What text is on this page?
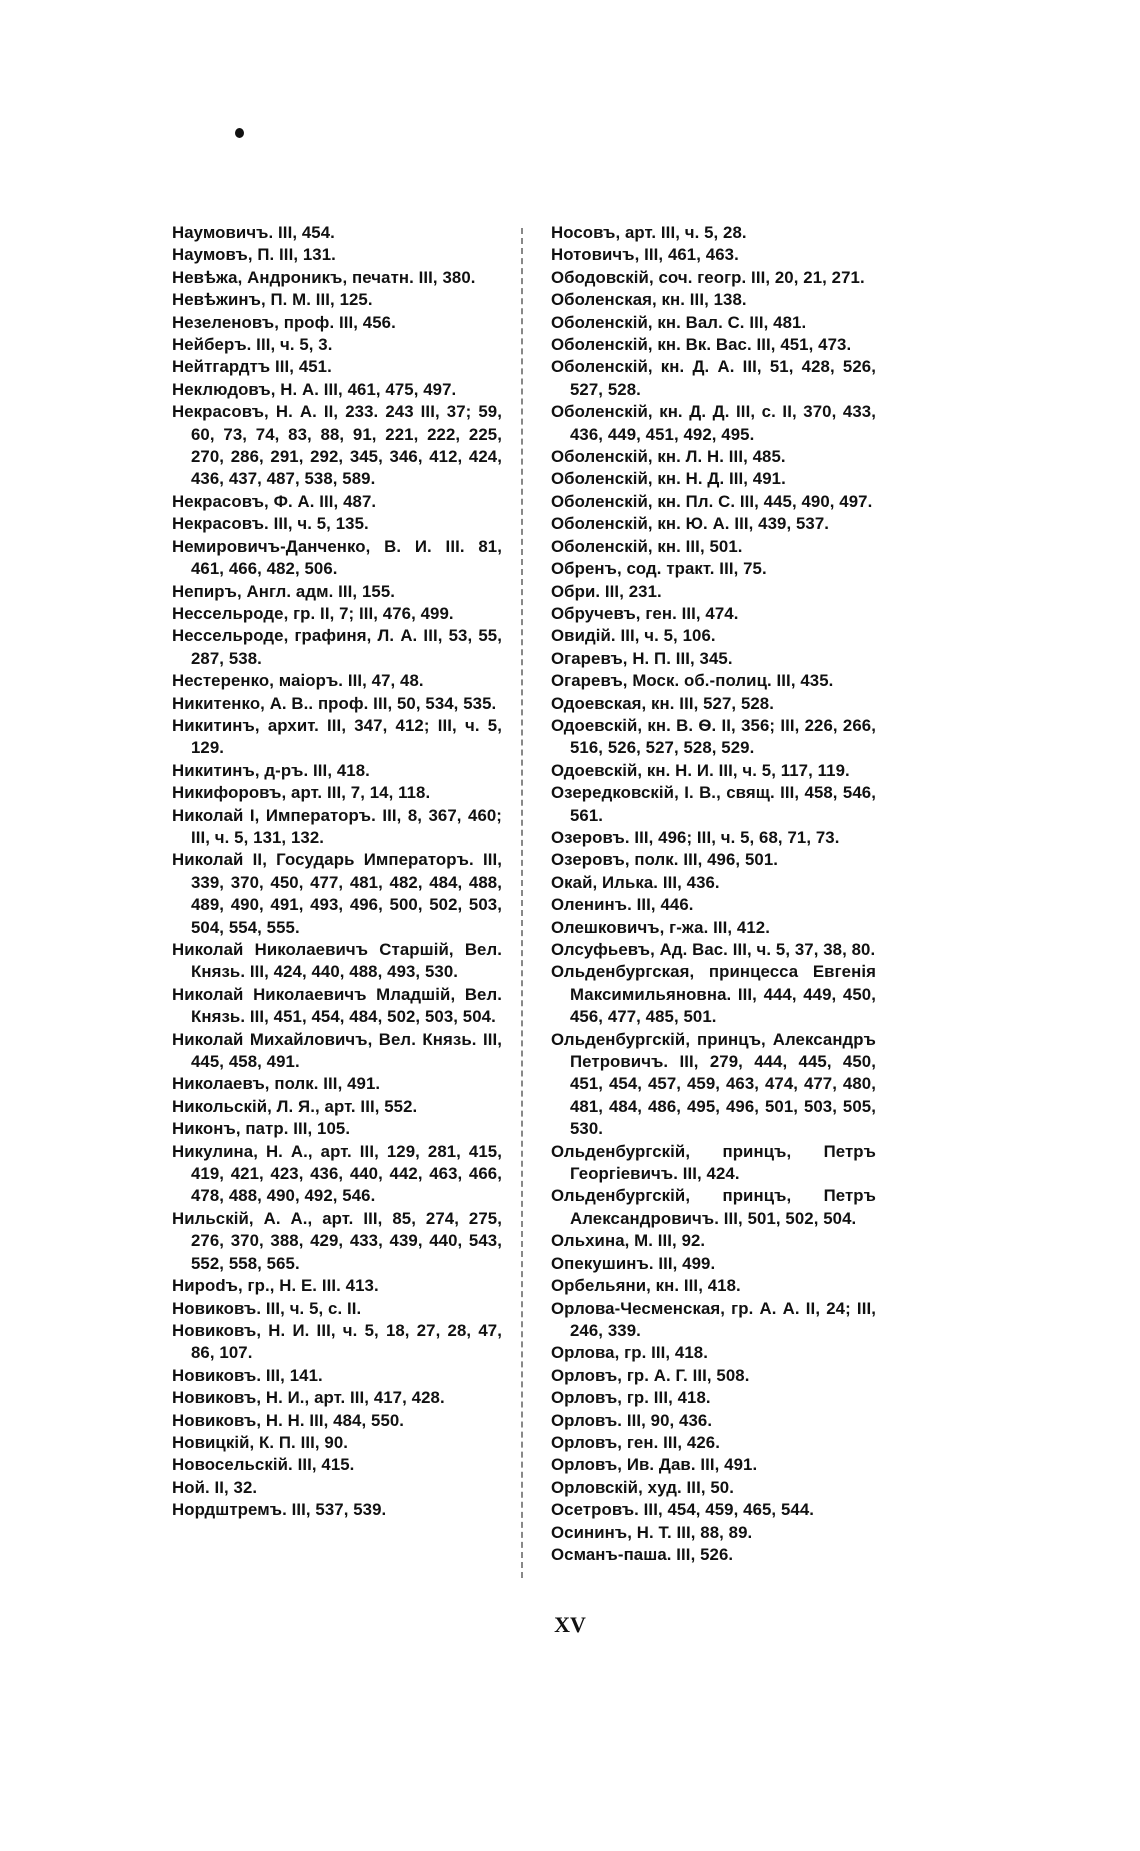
Наумовичъ. III, 454.

Наумовъ, П. III, 131.

Невѣжа, Андроникъ, печатн. III, 380.

Невѣжинъ, П. М. III, 125.

Незеленовъ, проф. III, 456.

Нейберъ. III, ч. 5, 3.

Нейтгардтъ III, 451.

Неклюдовъ, Н. А. III, 461, 475, 497.

Некрасовъ, Н. А. II, 233. 243 III, 37; 59, 60, 73, 74, 83, 88, 91, 221, 222, 225, 270, 286, 291, 292, 345, 346, 412, 424, 436, 437, 487, 538, 589.

Некрасовъ, Ф. А. III, 487.

Некрасовъ. III, ч. 5, 135.

Немировичъ-Данченко, В. И. III. 81, 461, 466, 482, 506.

Непиръ, Англ. адм. III, 155.

Нессельроде, гр. II, 7; III, 476, 499.

Нессельроде, графиня, Л. А. III, 53, 55, 287, 538.

Нестеренко, маіоръ. III, 47, 48.

Никитенко, А. В.. проф. III, 50, 534, 535.

Никитинъ, архит. III, 347, 412; III, ч. 5, 129.

Никитинъ, д-ръ. III, 418.

Никифоровъ, арт. III, 7, 14, 118.

Николай I, Императоръ. III, 8, 367, 460; III, ч. 5, 131, 132.

Николай II, Государь Императоръ. III, 339, 370, 450, 477, 481, 482, 484, 488, 489, 490, 491, 493, 496, 500, 502, 503, 504, 554, 555.

Николай Николаевичъ Старшій, Вел. Князь. III, 424, 440, 488, 493, 530.

Николай Николаевичъ Младшій, Вел. Князь. III, 451, 454, 484, 502, 503, 504.

Николай Михайловичъ, Вел. Князь. III, 445, 458, 491.

Николаевъ, полк. III, 491.

Никольскій, Л. Я., арт. III, 552.

Никонъ, патр. III, 105.

Никулина, Н. А., арт. III, 129, 281, 415, 419, 421, 423, 436, 440, 442, 463, 466, 478, 488, 490, 492, 546.

Нильскій, А. А., арт. III, 85, 274, 275, 276, 370, 388, 429, 433, 439, 440, 543, 552, 558, 565.

Нироdъ, гр., Н. Е. III. 413.

Новиковъ. III, ч. 5, с. II.

Новиковъ, Н. И. III, ч. 5, 18, 27, 28, 47, 86, 107.

Новиковъ. III, 141.

Новиковъ, Н. И., арт. III, 417, 428.

Новиковъ, Н. Н. III, 484, 550.

Новицкій, К. П. III, 90.

Новосельскій. III, 415.

Ной. II, 32.

Нордштремъ. III, 537, 539.

Носовъ, арт. III, ч. 5, 28.

Нотовичъ, III, 461, 463.

Ободовскій, соч. геогр. III, 20, 21, 271.

Оболенская, кн. III, 138.

Оболенскій, кн. Вал. С. III, 481.

Оболенскій, кн. Вк. Вас. III, 451, 473.

Оболенскій, кн. Д. А. III, 51, 428, 526, 527, 528.

Оболенскій, кн. Д. Д. III, с. II, 370, 433, 436, 449, 451, 492, 495.

Оболенскій, кн. Л. Н. III, 485.

Оболенскій, кн. Н. Д. III, 491.

Оболенскій, кн. Пл. С. III, 445, 490, 497.

Оболенскій, кн. Ю. А. III, 439, 537.

Оболенскій, кн. III, 501.

Обренъ, сод. тракт. III, 75.

Обри. III, 231.

Обручевъ, ген. III, 474.

Овидій. III, ч. 5, 106.

Огаревъ, Н. П. III, 345.

Огаревъ, Моск. об.-полиц. III, 435.

Одоевская, кн. III, 527, 528.

Одоевскій, кн. В. Ѳ. II, 356; III, 226, 266, 516, 526, 527, 528, 529.

Одоевскій, кн. Н. И. III, ч. 5, 117, 119.

Озередковскій, І. В., свящ. III, 458, 546, 561.

Озеровъ. III, 496; III, ч. 5, 68, 71, 73.

Озеровъ, полк. III, 496, 501.

Окай, Илька. III, 436.

Оленинъ. III, 446.

Олешковичъ, г-жа. III, 412.

Олсуфьевъ, Ад. Вас. III, ч. 5, 37, 38, 80.

Ольденбургская, принцесса Евгенія Максимильяновна. III, 444, 449, 450, 456, 477, 485, 501.

Ольденбургскій, принцъ, Александръ Петровичъ. III, 279, 444, 445, 450, 451, 454, 457, 459, 463, 474, 477, 480, 481, 484, 486, 495, 496, 501, 503, 505, 530.

Ольденбургскій, принцъ, Петръ Георгіевичъ. III, 424.

Ольденбургскій, принцъ, Петръ Александровичъ. III, 501, 502, 504.

Ольхина, М. III, 92.

Опекушинъ. III, 499.

Орбельяни, кн. III, 418.

Орлова-Чесменская, гр. А. А. II, 24; III, 246, 339.

Орлова, гр. III, 418.

Орловъ, гр. А. Г. III, 508.

Орловъ, гр. III, 418.

Орловъ. III, 90, 436.

Орловъ, ген. III, 426.

Орловъ, Ив. Дав. III, 491.

Орловскій, худ. III, 50.

Осетровъ. III, 454, 459, 465, 544.

Осининъ, Н. Т. III, 88, 89.

Османъ-паша. III, 526.

XV
